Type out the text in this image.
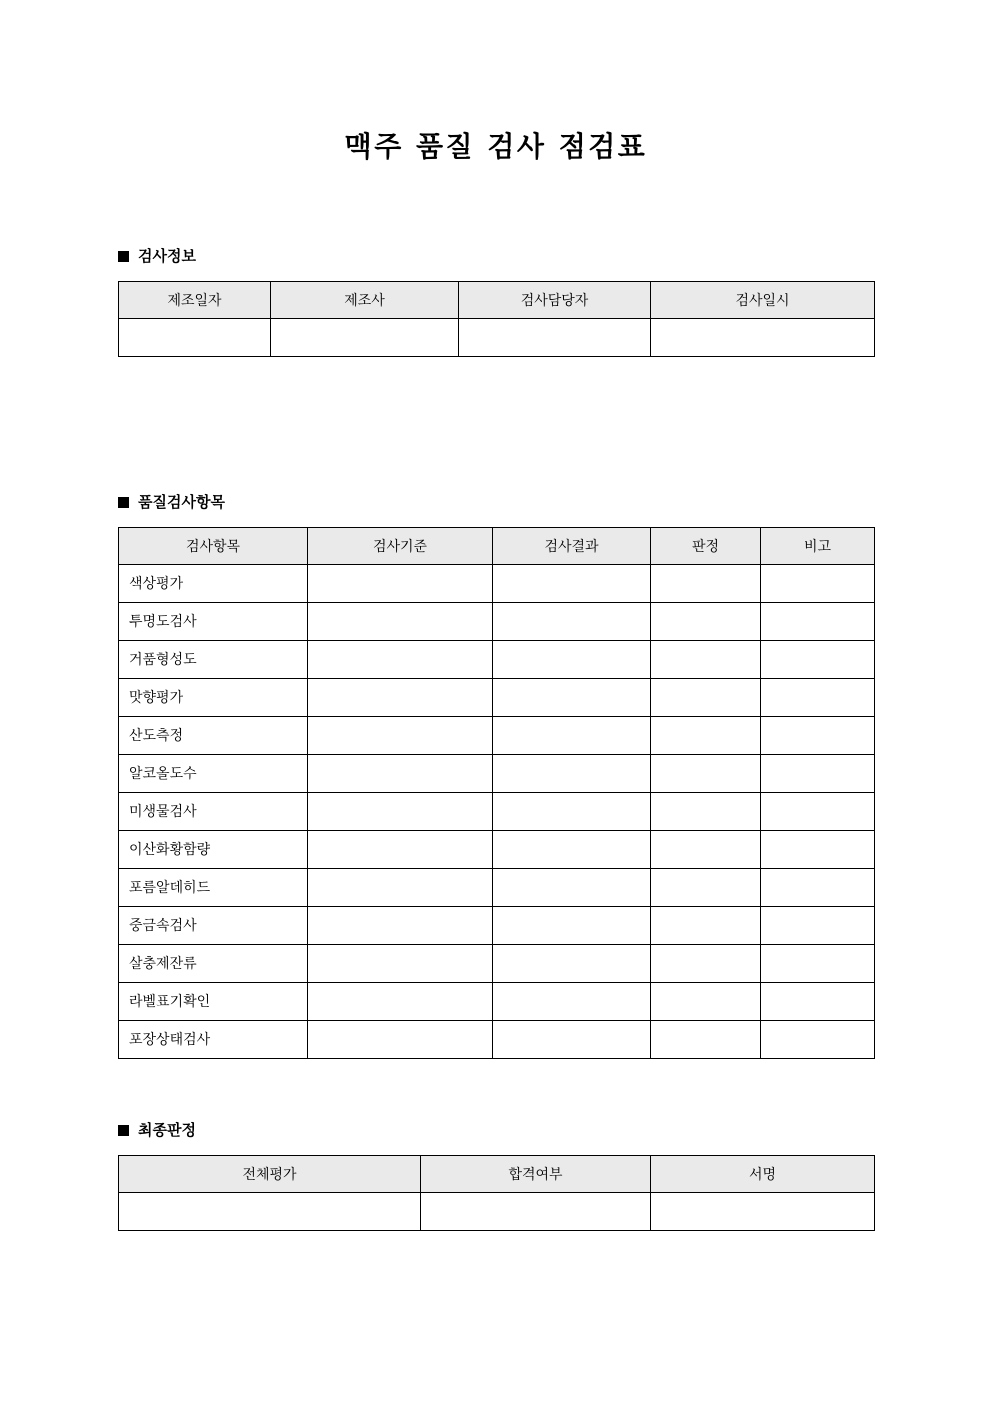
맥주 품질 검사 점검표
검사정보
제조일자	제조사	검사담당자	검사일시

품질검사항목
검사항목	검사기준	검사결과	판정	비고
색상평가				
투명도검사				
거품형성도				
맛향평가				
산도측정				
알코올도수				
미생물검사				
이산화황함량				
포름알데히드				
중금속검사				
살충제잔류				
라벨표기확인				
포장상태검사				
최종판정
전체평가	합격여부	서명
